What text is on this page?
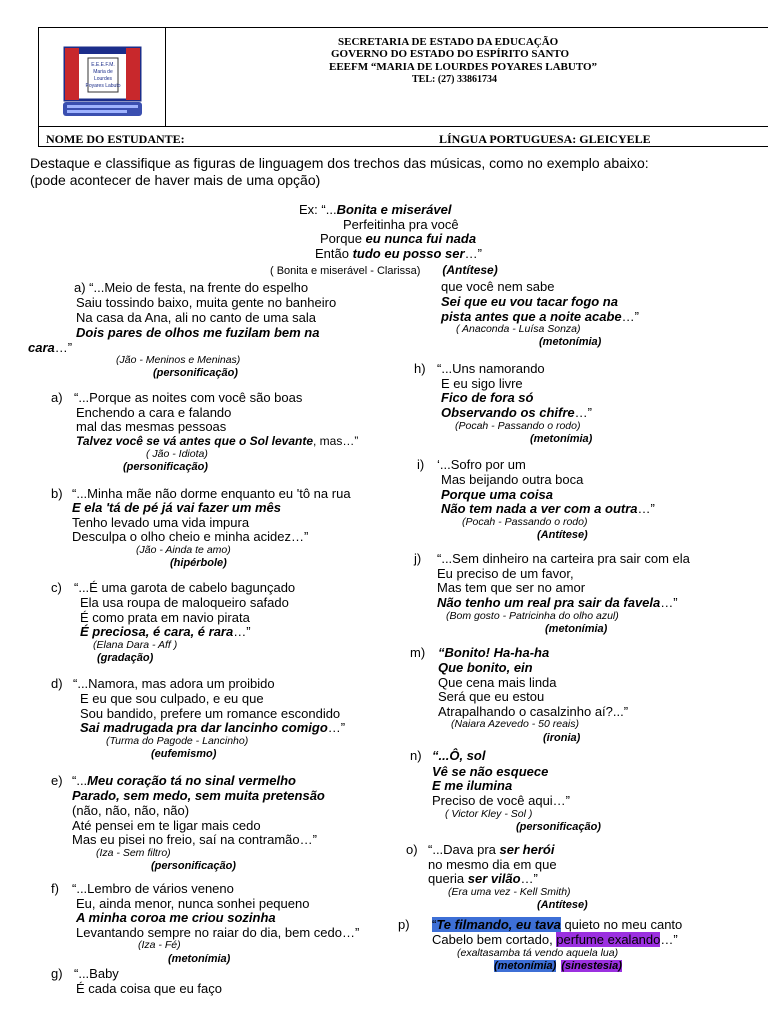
E.E.E.F.M.
Maria de
Lourdes
Poyares Labuto
SECRETARIA DE ESTADO DA EDUCAÇÃO
GOVERNO DO ESTADO DO ESPÍRITO SANTO
EEEFM “MARIA DE LOURDES POYARES LABUTO”
TEL: (27) 33861734
NOME DO ESTUDANTE:	LÍNGUA PORTUGUESA: GLEICYELE
Destaque e classifique as figuras de linguagem dos trechos das músicas, como no exemplo abaixo:
(pode acontecer de haver mais de uma opção)
Ex: “...Bonita e miserável
Perfeitinha pra você
Porque eu nunca fui nada
Então tudo eu posso ser…”
( Bonita e miserável - Clarissa) (Antítese)
a) “...Meio de festa, na frente do espelho
Saiu tossindo baixo, muita gente no banheiro
Na casa da Ana, ali no canto de uma sala
Dois pares de olhos me fuzilam bem na
cara…”
(Jão - Meninos e Meninas)
(personificação)
a) “...Porque as noites com você são boas
Enchendo a cara e falando
mal das mesmas pessoas
Talvez você se vá antes que o Sol levante, mas…”
( Jão - Idiota)
(personificação)
b) “...Minha mãe não dorme enquanto eu 'tô na rua
E ela 'tá de pé já vai fazer um mês
Tenho levado uma vida impura
Desculpa o olho cheio e minha acidez…”
(Jão - Ainda te amo)
(hipérbole)
c) “...É uma garota de cabelo bagunçado
Ela usa roupa de maloqueiro safado
É como prata em navio pirata
É preciosa, é cara, é rara…”
(Elana Dara - Aff )
(gradação)
d) “...Namora, mas adora um proibido
E eu que sou culpado, e eu que
Sou bandido, prefere um romance escondido
Sai madrugada pra dar lancinho comigo…”
(Turma do Pagode - Lancinho)
(eufemismo)
e) “...Meu coração tá no sinal vermelho
Parado, sem medo, sem muita pretensão
(não, não, não, não)
Até pensei em te ligar mais cedo
Mas eu pisei no freio, saí na contramão…”
(Iza - Sem filtro)
(personificação)
f) “...Lembro de vários veneno
Eu, ainda menor, nunca sonhei pequeno
A minha coroa me criou sozinha
Levantando sempre no raiar do dia, bem cedo…”
(Iza - Fé)
(metonímia)
g) “...Baby
É cada coisa que eu faço
que você nem sabe
Sei que eu vou tacar fogo na
pista antes que a noite acabe…”
( Anaconda - Luísa Sonza)
(metonímia)
h) “...Uns namorando
E eu sigo livre
Fico de fora só
Observando os chifre…”
(Pocah - Passando o rodo)
(metonímia)
i) ‘...Sofro por um
Mas beijando outra boca
Porque uma coisa
Não tem nada a ver com a outra…”
(Pocah - Passando o rodo)
(Antítese)
j) “...Sem dinheiro na carteira pra sair com ela
Eu preciso de um favor,
Mas tem que ser no amor
Não tenho um real pra sair da favela…”
(Bom gosto - Patricinha do olho azul)
(metonímia)
m) “Bonito! Ha-ha-ha
Que bonito, ein
Que cena mais linda
Será que eu estou
Atrapalhando o casalzinho aí?...”
(Naiara Azevedo - 50 reais)
(ironia)
n) “...Ô, sol
Vê se não esquece
E me ilumina
Preciso de você aqui…”
( Victor Kley - Sol )
(personificação)
o) “...Dava pra ser herói
no mesmo dia em que
queria ser vilão…”
(Era uma vez - Kell Smith)
(Antítese)
p) “Te filmando, eu tava quieto no meu canto
Cabelo bem cortado, perfume exalando…”
(exaltasamba tá vendo aquela lua)
(metonímia) (sinestesia)
